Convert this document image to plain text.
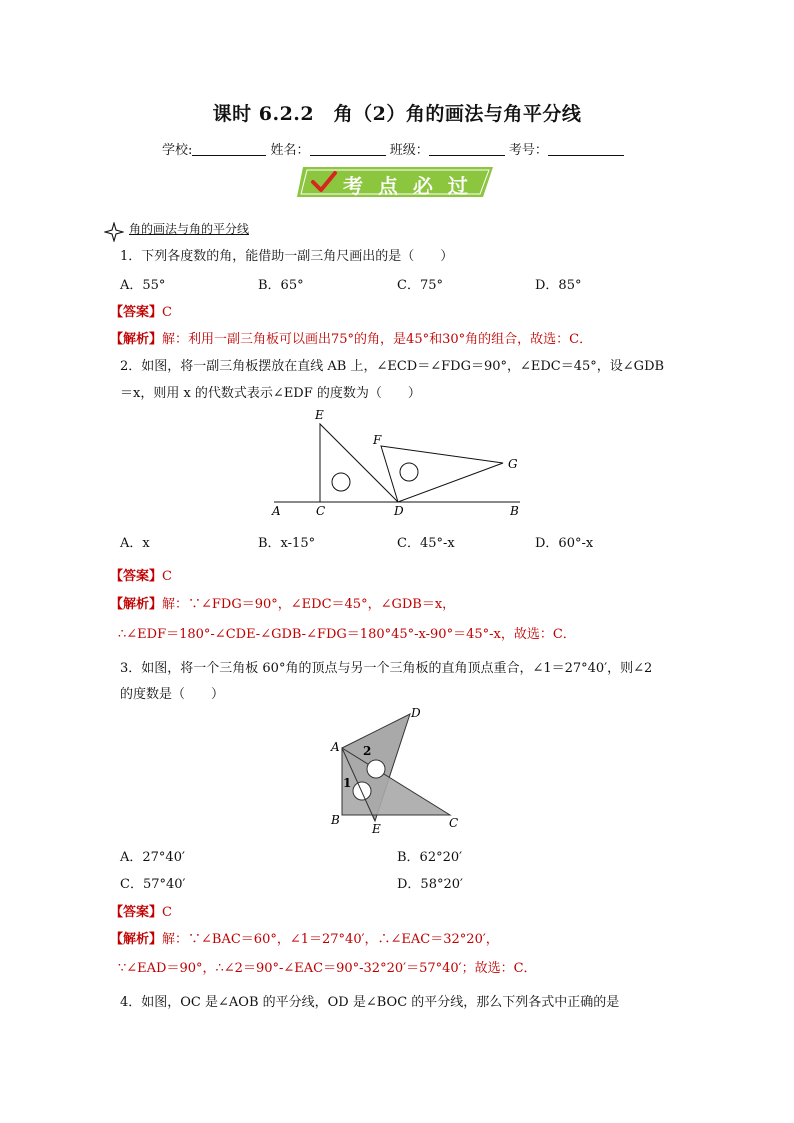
课时 6.2.2　角（2）角的画法与角平分线
学校:	姓名：	班级：	考号：
考 点 必 过
角的画法与角的平分线
1．下列各度数的角，能借助一副三角尺画出的是（　　）
A．55°	B．65°	C．75°	D．85°
【答案】C
【解析】解：利用一副三角板可以画出75°的角，是45°和30°角的组合，故选：C．
2．如图，将一副三角板摆放在直线 AB 上，∠ECD＝∠FDG＝90°，∠EDC＝45°，设∠GDB
＝x，则用 x 的代数式表示∠EDF 的度数为（　　）
E
F
G
A	C	D	B
A．x	B．x-15°	C．45°-x	D．60°-x
【答案】C
【解析】解：∵∠FDG＝90°，∠EDC＝45°，∠GDB＝x，
∴∠EDF＝180°-∠CDE-∠GDB-∠FDG＝180°45°-x-90°＝45°-x，故选：C．
3．如图，将一个三角板 60°角的顶点与另一个三角板的直角顶点重合，∠1＝27°40′，则∠2
的度数是（　　）
A
B	C
D
E
1
2
A．27°40′	B．62°20′
C．57°40′	D．58°20′
【答案】C
【解析】解：∵∠BAC＝60°，∠1＝27°40′，∴∠EAC＝32°20′，
∵∠EAD＝90°，∴∠2＝90°-∠EAC＝90°-32°20′＝57°40′；故选：C．
4．如图，OC 是∠AOB 的平分线，OD 是∠BOC 的平分线，那么下列各式中正确的是
